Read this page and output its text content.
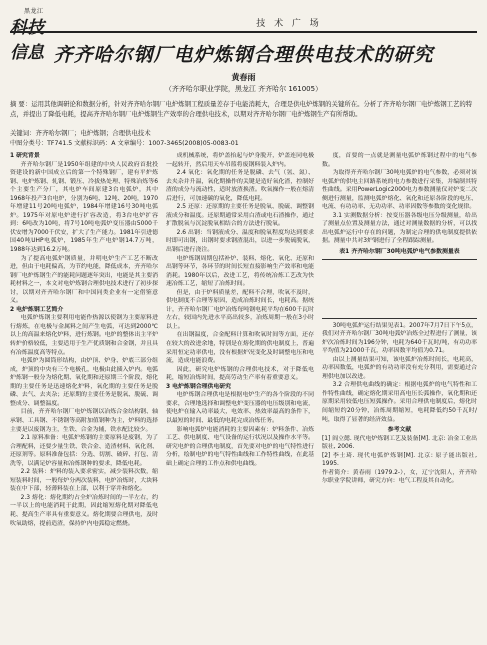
黑龙江
科技信息
技 术 广 场
齐齐哈尔钢厂电炉炼钢合理供电技术的研究
黄春雨
（齐齐哈尔职业学院，黑龙江 齐齐哈尔 161005）
摘 要：运用其他调研论和数据分析，针对齐齐哈尔钢厂电炉炼钢工程质量差存于电能消耗大，合理是供电炉炼钢的关键所在。分析了齐齐哈尔钢厂电炉炼钢工艺的特点，并提出了降低电耗，提高齐齐哈尔钢厂电炉炼钢生产效率的合理供电技术，以期对齐齐哈尔钢厂电炉炼钢生产有所帮助。
关键词：齐齐哈尔钢厂；电炉炼钢；合理供电技术
中图分类号：TF741.5 文献标识码：A 文章编号：1007-3465(2008)05-0083-01

1 研究背景

齐齐哈尔钢厂是1950年组建的中央人民政府首批投资建设的新中国成立后的第一个特殊钢厂，建有平炉炼钢、电炉炼钢、轧钢、锻压、冷拔热处理、特殊冶炼等6个主要生产分厂，其电炉车间原建3台电弧炉，其中1968年投产3台电炉，分别为6吨、12吨、20吨，1970年增建11号20吨电弧炉，1984年增建16号30吨电弧炉。1975年对原电炉进行扩容改造，将3台电炉扩容到：6吨改为10吨，将7号10吨电弧炉变压器由5000千伏安增为7000千伏安，扩大了生产能力。1981年引进德国40吨UHP电弧炉，1985年生产电炉钢14.7万吨，1988年达到16.2万吨。

为了提高电弧炉钢质量，并明电炉生产工艺不断改进，但由于电耗偏高，为节约电能，降低成本，齐齐哈尔钢厂电炉炼钢生产的能耗问题逐年突出，电能是其主要消耗材料之一，本文对电炉炼钢合理供电技术进行了初步探讨，以期对齐齐哈尔钢厂和中国同类企业有一定借鉴意义。

2 电炉炼钢工艺简介

电弧炉炼钢主要利用电能作热源以使钢为主要原料进行熔炼，在电极与金属料之间产生电弧，可达到2000℃以上的高温来熔化炉料，进行炼钢。电炉的整体出主平炉转炉价格较低，主要适用于生产优质钢和合金钢，并且具有冶炼温度高等特点。

电弧炉为圆筒形结构，由炉顶、炉身、炉底三部分组成，炉顶的中央有三个电极孔，电极由此插入炉内。电弧炉炼钢一般分为熔化期、氧化期和还原期三个阶段，熔化期的主要任务是迅速熔化炉料，氧化期的主要任务是脱磷、去气、去夹杂；还原期的主要任务是脱氧、脱硫、调整成分、调整温度。

目前，齐齐哈尔钢厂电炉炼钢以冶炼合金结构钢、轴承钢、工具钢、不锈钢等高附加值钢种为主，炉料的选择主要是以废钢为主，生铁、合金为辅，铁水配比较少。

2.1 原料准备：电弧炉炼钢的主要原料是废钢，为了合理配料，还要少量生铁、铁合金、造渣材料、氧化剂、还原剂等。原料准备包括：分选、切割、破碎、打包、清洗等，以满足炉容量和冶炼钢种的要求，降低电耗。

2.2 装料：炉料的装入要求密实，减少装料次数，缩短装料时间，一般每炉分两次装料，电炉冶炼时，大块料装在中下部，轻薄料装在上部，以利于穿井和熔化。

2.3 熔化：熔化期约占全炉冶炼时间的一半左右，约一半以上的电能消耗于此期，因此缩短熔化期对降低电耗、提高生产率具有重要意义。熔化期要合理供电，及时吹氧助熔，提前造渣，保持炉内电弧稳定燃烧。

成机械系统，将炉盖抬起与炉身脱开，炉盖连同电极一起转开，然后用天车吊篮将废钢料装入炉内。

2.4 氧化：氧化期的任务是脱磷、去气（氢、氮）、去夹杂并升温，氧化期操作的关键是造好氧化渣，控制好渣的成分与流动性，适时放渣换渣。吹氧操作一般在熔清后进行，可加速碳的氧化，降低电耗。

2.5 还原：还原期的主要任务是脱氧、脱硫、调整钢液成分和温度。还原期通常采用白渣或电石渣操作，通过扩散脱氧与沉淀脱氧相结合的方法进行脱氧。

2.6 出钢：当钢液成分、温度和脱氧程度均达到要求时即可出钢，出钢时要求钢渣混出，以进一步脱硫脱氧，出钢后进行浇注。

电炉炼钢周期包括补炉、装料、熔化、氧化、还原和出钢等环节，各环节的时间长短直接影响生产效率和电能消耗。1980年以后，改进工艺，将传统冶炼工艺改为快速冶炼工艺，缩短了冶炼时间。

但是，由于炉料质量差，配料不合理，吹氧不及时，供电制度不合理等原因，造成冶炼时间长，电耗高。据统计，齐齐哈尔钢厂电炉冶炼每吨钢电耗平均在600千瓦时左右，较国内先进水平高出较多，冶炼周期一般在3小时以上。

在出钢温度，合金配料计算和吹氧时间等方面，还存在较大的改进余地，特别是在熔化期的供电制度上，普遍采用恒定功率供电，没有根据炉况变化及时调整电压和电流，造成电能浪费。

因此，研究电炉炼钢的合理供电技术，对于降低电耗，缩短冶炼时间，提高劳动生产率有着重要意义。

3 电炉炼钢合理供电研究

电炉炼钢合理供电是根据电炉生产的各个阶段的不同要求，合理地选择和调整电炉变压器的电压级别和电流，使电炉在输入功率最大，电效率、热效率最高的条件下，以最短的时间、最低的电耗完成冶炼任务。

影响电弧炉电能消耗的主要因素有：炉料条件、冶炼工艺、供电制度、电气设备的运行状况以及操作水平等。研究电炉的合理供电制度，首先要对电炉的电气特性进行分析，绘制电炉的电气特性曲线和工作特性曲线，在此基础上确定合理的工作点和供电曲线。

度，首要的一点就是测量电弧炉炼钢过程中的电气参数。

为取得齐齐哈尔钢厂30吨电弧炉的电气参数，必须对该电弧炉的供电主回路系统的电力参数进行采集，并编制其特性曲线。采用PowerLogic2000电力参数测量仪对炉变二次侧进行测量，监测电弧炉熔化、氧化和还原各阶段的电压、电流、有功功率、无功功率、功率因数等参数的变化规律。

3.1 实测数据分析：按变压器各级电压分级测量，给出了测量点位置及测量方法，通过对测量数据的分析，可以找出电弧炉运行中存在的问题，为制定合理的供电制度提供依据。测量中共对3炉钢进行了全程跟踪测量。

表1 齐齐哈尔钢厂30吨电弧炉电气参数测量表

30吨电弧炉运行结果见表1。2007年7月7日下午5点，我们对齐齐哈尔钢厂30吨电弧炉冶炼全过程进行了测量，该炉次冶炼时间为196分钟，电耗为640千瓦时/吨，有功功率平均值为21000千瓦，功率因数平均值为0.71。

由以上测量结果可知，该电弧炉冶炼时间长，电耗高，功率因数低，电弧炉的有功功率没有充分利用，需要通过合理供电加以改进。

3.2 合理供电曲线的确定：根据电弧炉的电气特性和工作特性曲线，确定熔化期采用高电压长弧操作，氧化期和还原期采用较低电压短弧操作。采用合理供电制度后，熔化时间缩短约20分钟，冶炼周期缩短，电耗降低约50千瓦时/吨，取得了显著的经济效益。

参考文献

[1] 阎立懿. 现代电炉炼钢工艺及装备[M]. 北京: 冶金工业出版社, 2006.

[2] 李士琦. 现代电弧炉炼钢[M]. 北京: 原子能出版社, 1995.

作者简介：黄春雨（1979.2-），女，辽宁沈阳人，齐齐哈尔职业学院讲师，研究方向：电气工程及其自动化。
